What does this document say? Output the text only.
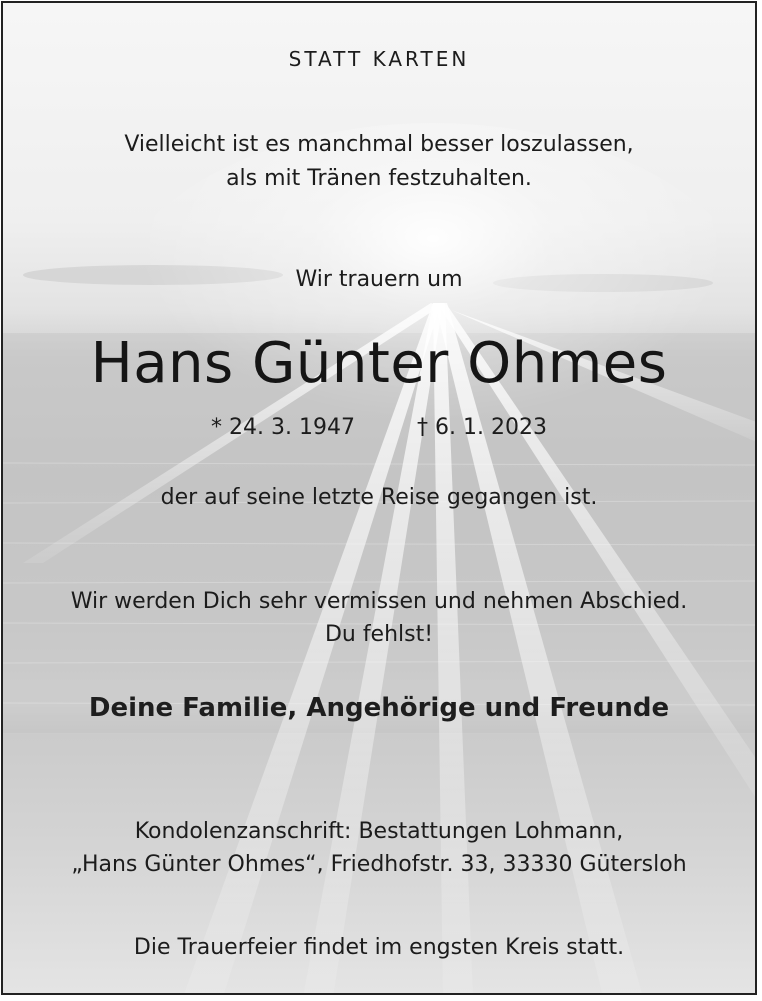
STATT KARTEN
Vielleicht ist es manchmal besser loszulassen,
als mit Tränen festzuhalten.
Wir trauern um
Hans Günter Ohmes
* 24. 3. 1947	† 6. 1. 2023
der auf seine letzte Reise gegangen ist.
Wir werden Dich sehr vermissen und nehmen Abschied.
Du fehlst!
Deine Familie, Angehörige und Freunde
Kondolenzanschrift: Bestattungen Lohmann,
„Hans Günter Ohmes“, Friedhofstr. 33, 33330 Gütersloh
Die Trauerfeier findet im engsten Kreis statt.
